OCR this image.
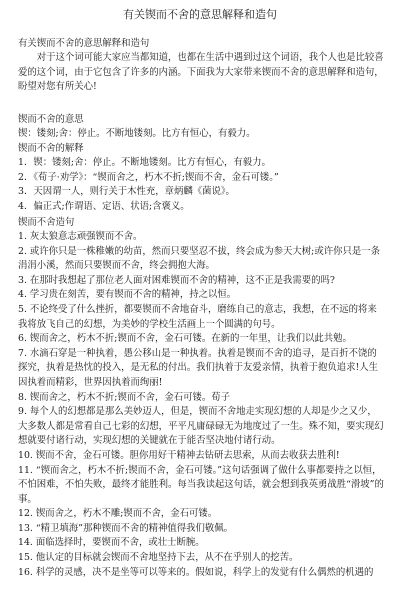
有关锲而不舍的意思解释和造句

有关锲而不舍的意思解释和造句

对于这个词可能大家应当都知道，也都在生活中遇到过这个词语，我个人也是比较喜爱的这个词，由于它包含了许多的内涵。下面我为大家带来锲而不舍的意思解释和造句，盼望对您有所关心!

锲而不舍的意思

锲：镂刻;舍：停止。不断地镂刻。比方有恒心，有毅力。

锲而不舍的解释

1．锲：镂刻;舍：停止。不断地镂刻。比方有恒心，有毅力。
2．《荀子·劝学》：“锲而舍之，朽木不折;锲而不舍，金石可镂。”
3．天因谓一人，则行关于木性充，章炳麟《菌说》。
4．偏正式;作谓语、定语、状语;含褒义。

锲而不舍造句

1. 灰太狼意志顽强锲而不舍。
2. 或许你只是一株稚嫩的幼苗，然而只要坚忍不拔，终会成为参天大树;或许你只是一条涓涓小溪，然而只要锲而不舍，终会拥抱大海。
3. 在那时我想起了那位老人面对困难锲而不舍的精神，这不正是我需要的吗?
4. 学习贵在刻苦，要有锲而不舍的精神，持之以恒。
5. 不论终受了什么挫折，都要锲而不舍地奋斗，磨练自己的意志，我想，在不远的将来我将放飞自己的幻想，为美妙的学校生活画上一个圆满的句号。
6. 锲而舍之，朽木不折;锲而不舍，金石可镂。在新的一年里，让我们以此共勉。
7. 水滴石穿是一种执着，愚公移山是一种执着。执着是锲而不舍的追寻，是百折不饶的探究，执着是热忱的投入，是无私的付出。我们执着于友爱亲情，执着于抱负追求!人生因执着而精彩，世界因执着而绚丽!
8. 锲而舍之，朽木不折;锲而不舍，金石可镂。荀子
9. 每个人的幻想都是那么美妙迈人，但是，锲而不舍地走实现幻想的人却是少之又少，大多数人都是常看自己七彩的幻想，平平凡庸碌碌无为地度过了一生。殊不知，要实现幻想就要付诸行动，实现幻想的关键就在于能否坚决地付诸行动。
10. 锲而不舍，金石可镂。胆你用好干精神去钻研去思索，从而去收获去胜利!
11. “锲而舍之，朽木不折;锲而不舍，金石可镂。”这句话强调了做什么事都要持之以恒，不怕困难，不怕失败，最终才能胜利。每当我读起这句话，就会想到我英勇战胜“滑坡”的事。
12. 锲而舍之，朽木不雕;锲而不舍，金石可镂。
13. “精卫填海”那种锲而不舍的精神值得我们敬佩。
14. 面临选择时，要锲而不舍，或壮士断腕。
15. 他认定的目标就会锲而不舍地坚持下去，从不在乎别人的挖苦。
16. 科学的灵感，决不是坐等可以等来的。假如说，科学上的发觉有什么偶然的机遇的
